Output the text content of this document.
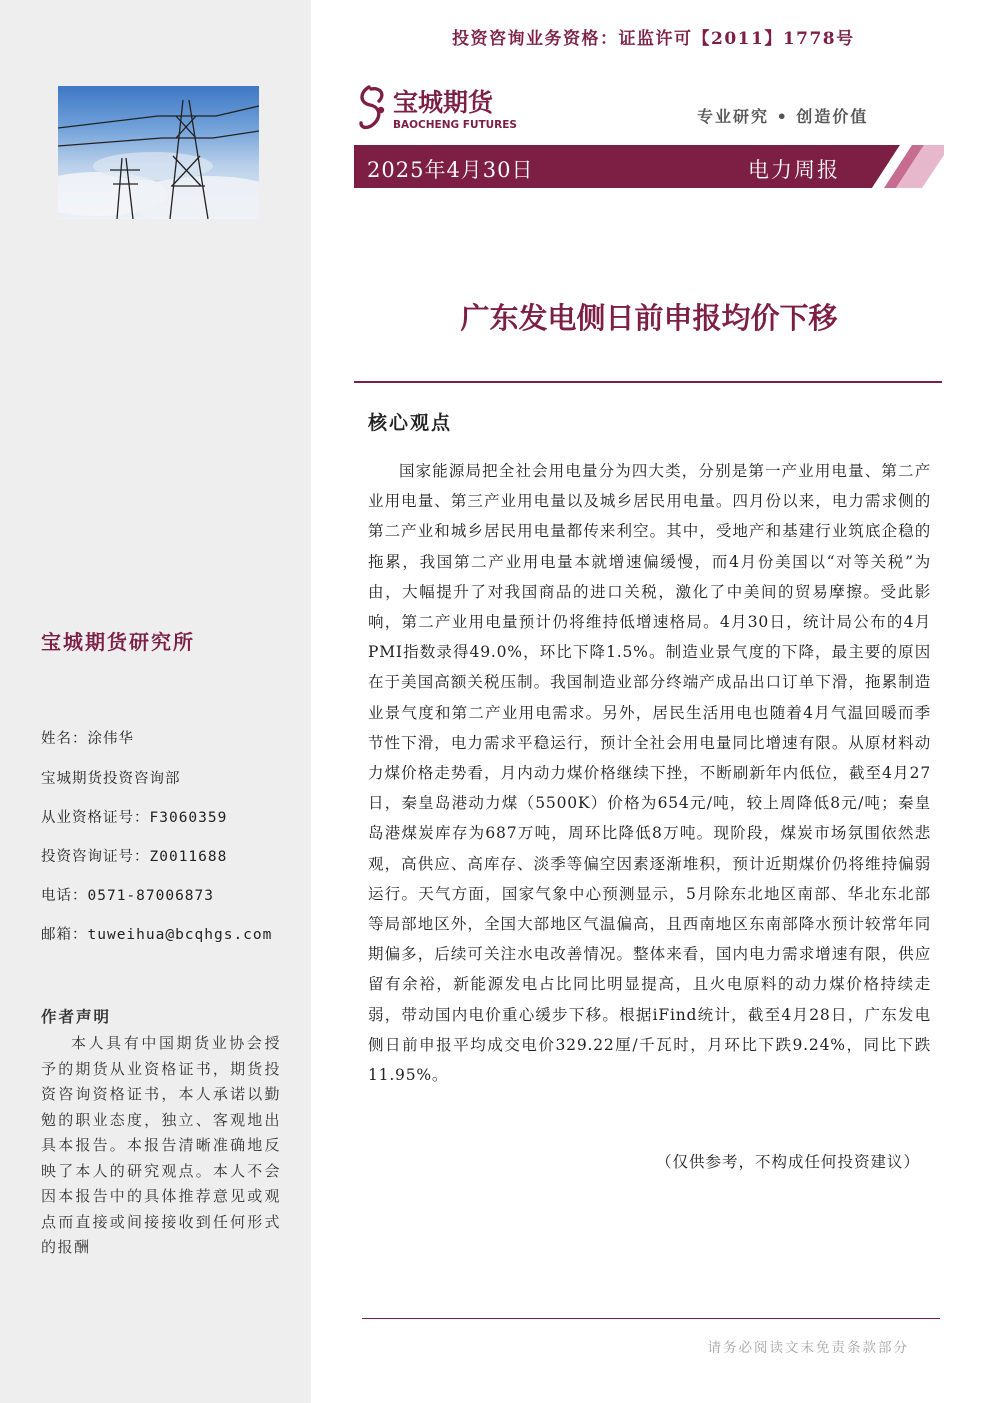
宝城期货研究所
姓名：涂伟华
宝城期货投资咨询部
从业资格证号：F3060359
投资咨询证号：Z0011688
电话：0571-87006873
邮箱：tuweihua@bcqhgs.com
作者声明
本人具有中国期货业协会授予的期货从业资格证书，期货投资咨询资格证书，本人承诺以勤勉的职业态度，独立、客观地出具本报告。本报告清晰准确地反映了本人的研究观点。本人不会因本报告中的具体推荐意见或观点而直接或间接接收到任何形式的报酬
投资咨询业务资格：证监许可【2011】1778号
宝城期货
BAOCHENG FUTURES	专业研究 • 创造价值
2025年4月30日	电力周报
广东发电侧日前申报均价下移
核心观点
国家能源局把全社会用电量分为四大类，分别是第一产业用电量、第二产业用电量、第三产业用电量以及城乡居民用电量。四月份以来，电力需求侧的第二产业和城乡居民用电量都传来利空。其中，受地产和基建行业筑底企稳的拖累，我国第二产业用电量本就增速偏缓慢，而4月份美国以“对等关税”为由，大幅提升了对我国商品的进口关税，激化了中美间的贸易摩擦。受此影响，第二产业用电量预计仍将维持低增速格局。4月30日，统计局公布的4月PMI指数录得49.0%，环比下降1.5%。制造业景气度的下降，最主要的原因在于美国高额关税压制。我国制造业部分终端产成品出口订单下滑，拖累制造业景气度和第二产业用电需求。另外，居民生活用电也随着4月气温回暖而季节性下滑，电力需求平稳运行，预计全社会用电量同比增速有限。从原材料动力煤价格走势看，月内动力煤价格继续下挫，不断刷新年内低位，截至4月27日，秦皇岛港动力煤（5500K）价格为654元/吨，较上周降低8元/吨；秦皇岛港煤炭库存为687万吨，周环比降低8万吨。现阶段，煤炭市场氛围依然悲观，高供应、高库存、淡季等偏空因素逐渐堆积，预计近期煤价仍将维持偏弱运行。天气方面，国家气象中心预测显示，5月除东北地区南部、华北东北部等局部地区外，全国大部地区气温偏高，且西南地区东南部降水预计较常年同期偏多，后续可关注水电改善情况。整体来看，国内电力需求增速有限，供应留有余裕，新能源发电占比同比明显提高，且火电原料的动力煤价格持续走弱，带动国内电价重心缓步下移。根据iFind统计，截至4月28日，广东发电侧日前申报平均成交电价329.22厘/千瓦时，月环比下跌9.24%，同比下跌11.95%。
（仅供参考，不构成任何投资建议）
请务必阅读文末免责条款部分
